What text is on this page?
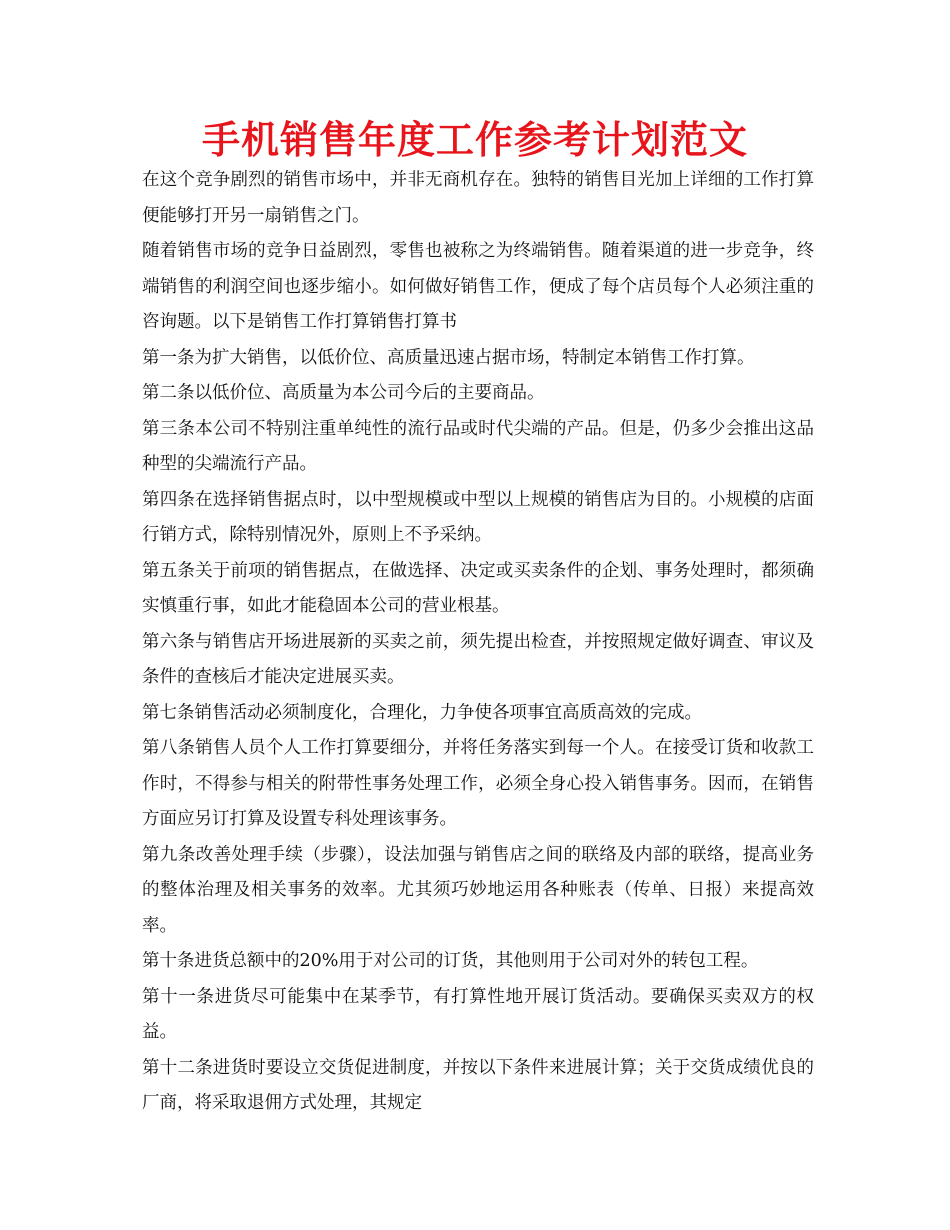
手机销售年度工作参考计划范文

在这个竞争剧烈的销售市场中，并非无商机存在。独特的销售目光加上详细的工作打算便能够打开另一扇销售之门。

随着销售市场的竞争日益剧烈，零售也被称之为终端销售。随着渠道的进一步竞争，终端销售的利润空间也逐步缩小。如何做好销售工作，便成了每个店员每个人必须注重的咨询题。以下是销售工作打算销售打算书

第一条为扩大销售，以低价位、高质量迅速占据市场，特制定本销售工作打算。

第二条以低价位、高质量为本公司今后的主要商品。

第三条本公司不特别注重单纯性的流行品或时代尖端的产品。但是，仍多少会推出这品种型的尖端流行产品。

第四条在选择销售据点时，以中型规模或中型以上规模的销售店为目的。小规模的店面行销方式，除特别情况外，原则上不予采纳。

第五条关于前项的销售据点，在做选择、决定或买卖条件的企划、事务处理时，都须确实慎重行事，如此才能稳固本公司的营业根基。

第六条与销售店开场进展新的买卖之前，须先提出检查，并按照规定做好调查、审议及条件的查核后才能决定进展买卖。

第七条销售活动必须制度化，合理化，力争使各项事宜高质高效的完成。

第八条销售人员个人工作打算要细分，并将任务落实到每一个人。在接受订货和收款工作时，不得参与相关的附带性事务处理工作，必须全身心投入销售事务。因而，在销售方面应另订打算及设置专科处理该事务。

第九条改善处理手续（步骤），设法加强与销售店之间的联络及内部的联络，提高业务的整体治理及相关事务的效率。尤其须巧妙地运用各种账表（传单、日报）来提高效率。

第十条进货总额中的20%用于对公司的订货，其他则用于公司对外的转包工程。

第十一条进货尽可能集中在某季节，有打算性地开展订货活动。要确保买卖双方的权益。

第十二条进货时要设立交货促进制度，并按以下条件来进展计算；关于交货成绩优良的厂商，将采取退佣方式处理，其规定
